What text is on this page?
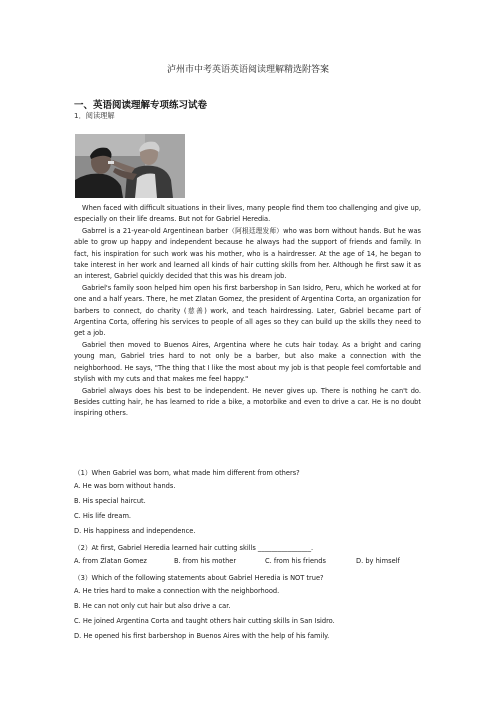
泸州市中考英语英语阅读理解精选附答案
一、英语阅读理解专项练习试卷
1．阅读理解

When faced with difficult situations in their lives, many people find them too challenging and give up, especially on their life dreams. But not for Gabriel Heredia.

Gabrrel is a 21-year-old Argentinean barber（阿根廷理发师）who was born without hands. But he was able to grow up happy and independent because he always had the support of friends and family. In fact, his inspiration for such work was his mother, who is a hairdresser. At the age of 14, he began to take interest in her work and learned all kinds of hair cutting skills from her. Although he first saw it as an interest, Gabriel quickly decided that this was his dream job.

Gabriel's family soon helped him open his first barbershop in San Isidro, Peru, which he worked at for one and a half years. There, he met Zlatan Gomez, the president of Argentina Corta, an organization for barbers to connect, do charity (慈善) work, and teach hairdressing. Later, Gabriel became part of Argentina Corta, offering his services to people of all ages so they can build up the skills they need to get a job.

Gabriel then moved to Buenos Aires, Argentina where he cuts hair today. As a bright and caring young man, Gabriel tries hard to not only be a barber, but also make a connection with the neighborhood. He says, "The thing that I like the most about my job is that people feel comfortable and stylish with my cuts and that makes me feel happy."

Gabriel always does his best to be independent. He never gives up. There is nothing he can't do. Besides cutting hair, he has learned to ride a bike, a motorbike and even to drive a car. He is no doubt inspiring others.

（1）When Gabriel was born, what made him different from others?
A. He was born without hands.
B. His special haircut.
C. His life dream.
D. His happiness and independence.
（2）At first, Gabriel Heredia learned hair cutting skills ________________.
A. from Zlatan Gomez	B. from his mother	C. from his friends	D. by himself
（3）Which of the following statements about Gabriel Heredia is NOT true?
A. He tries hard to make a connection with the neighborhood.
B. He can not only cut hair but also drive a car.
C. He joined Argentina Corta and taught others hair cutting skills in San Isidro.
D. He opened his first barbershop in Buenos Aires with the help of his family.
